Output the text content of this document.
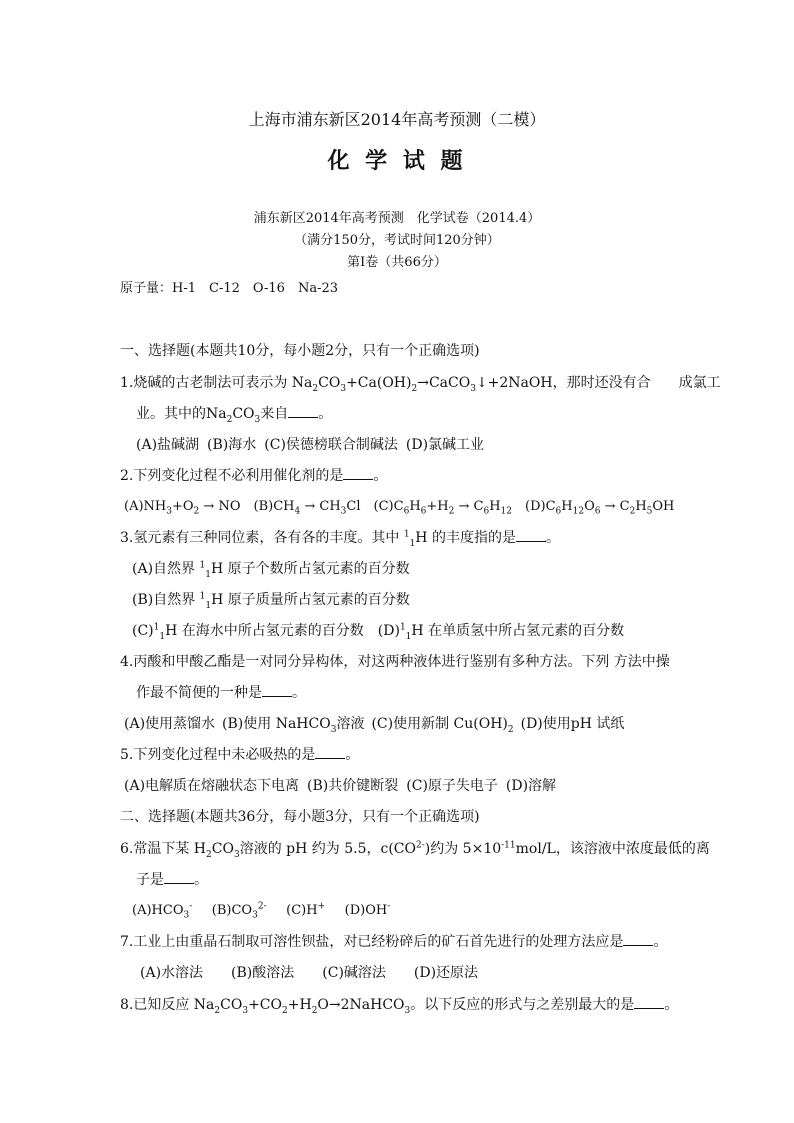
上海市浦东新区2014年高考预测（二模）
化 学 试 题
浦东新区2014年高考预测　化学试卷（2014.4）
（满分150分，考试时间120分钟）
第Ⅰ卷（共66分）
原子量：H-1　C-12　O-16　Na-23
一、选择题(本题共10分，每小题2分，只有一个正确选项)
1.烧碱的古老制法可表示为 $Na_2CO_3+Ca(OH)_2\to CaCO_3↓+2NaOH$，那时还没有合　　成氯工
业。其中的$Na_2CO_3$来自 。
(A)盐碱湖 (B)海水 (C)侯德榜联合制碱法 (D)氯碱工业
2.下列变化过程不必利用催化剂的是 。
$(A)NH_3+O_2$ → NO　 $(B)CH_4 \to CH_3Cl$　 $(C)C_6H_6+H_2 \to C_6H_{12}$　 $(D)C_6H_{12}O_6 \to C_2H_5OH$
3.氢元素有三种同位素，各有各的丰度。其中 $^1_1$H 的丰度指的是 。
(A)自然界 $^1_1$H 原子个数所占氢元素的百分数
(B)自然界 $^1_1$H 原子质量所占氢元素的百分数
$(C)^1_1H$ 在海水中所占氢元素的百分数　 $(D)^1_1H$ 在单质氢中所占氢元素的百分数
4.丙酸和甲酸乙酯是一对同分异构体，对这两种液体进行鉴别有多种方法。下列 方法中操
作最不简便的一种是 。
(A)使用蒸馏水  (B)使用 NaHCO$_3$溶液  (C)使用新制 $Cu(OH)_2$  (D)使用pH 试纸
5.下列变化过程中未必吸热的是 。
(A)电解质在熔融状态下电离 (B)共价键断裂 (C)原子失电子 (D)溶解
二、选择题(本题共36分，每小题3分，只有一个正确选项)
6.常温下某 $H_2CO_3$溶液的 pH 约为 5.5，$c(CO^{2-})$约为 $5\times 10^{-11}mol/L$，该溶液中浓度最低的离
子是 。
$(A)HCO_3^-$　  $(B)CO_3^{2-}$　  (C)H+　  (D)OH-
7.工业上由重晶石制取可溶性钡盐，对已经粉碎后的矿石首先进行的处理方法应是 。
(A)水溶法　　 (B)酸溶法　　 (C)碱溶法　　 (D)还原法
8.已知反应 $Na_2CO_3+CO_2+H_2O\to 2NaHCO_3$。以下反应的形式与之差别最大的是 。
